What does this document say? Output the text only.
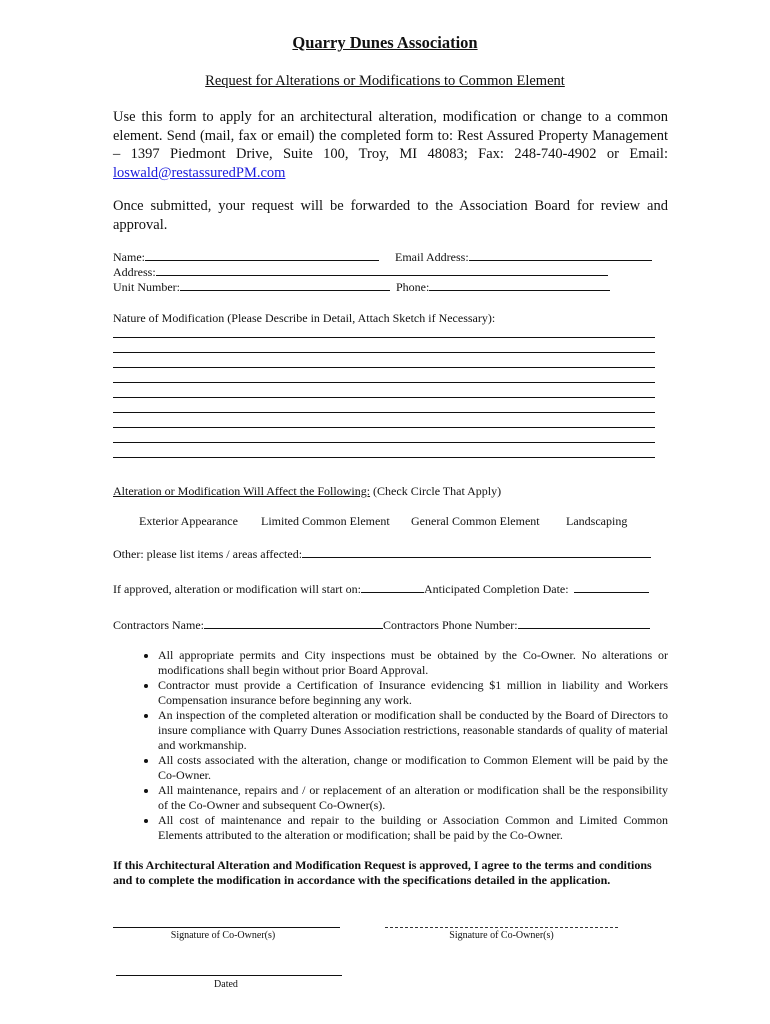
Quarry Dunes Association
Request for Alterations or Modifications to Common Element
Use this form to apply for an architectural alteration, modification or change to a common element. Send (mail, fax or email) the completed form to: Rest Assured Property Management – 1397 Piedmont Drive, Suite 100, Troy, MI 48083; Fax: 248-740-4902 or Email: loswald@restassuredPM.com
Once submitted, your request will be forwarded to the Association Board for review and approval.
Name:	Email Address:
Address:
Unit Number:	Phone:
Nature of Modification (Please Describe in Detail, Attach Sketch if Necessary):
Alteration or Modification Will Affect the Following: (Check Circle That Apply)
Exterior Appearance Limited Common Element General Common Element Landscaping
Other: please list items / areas affected:
If approved, alteration or modification will start on:	Anticipated Completion Date:
Contractors Name:	Contractors Phone Number:
• All appropriate permits and City inspections must be obtained by the Co-Owner. No alterations or modifications shall begin without prior Board Approval.
• Contractor must provide a Certification of Insurance evidencing $1 million in liability and Workers Compensation insurance before beginning any work.
• An inspection of the completed alteration or modification shall be conducted by the Board of Directors to insure compliance with Quarry Dunes Association restrictions, reasonable standards of quality of material and workmanship.
• All costs associated with the alteration, change or modification to Common Element will be paid by the Co-Owner.
• All maintenance, repairs and / or replacement of an alteration or modification shall be the responsibility of the Co-Owner and subsequent Co-Owner(s).
• All cost of maintenance and repair to the building or Association Common and Limited Common Elements attributed to the alteration or modification; shall be paid by the Co-Owner.
If this Architectural Alteration and Modification Request is approved, I agree to the terms and conditions and to complete the modification in accordance with the specifications detailed in the application.
Signature of Co-Owner(s)	Signature of Co-Owner(s)
Dated
